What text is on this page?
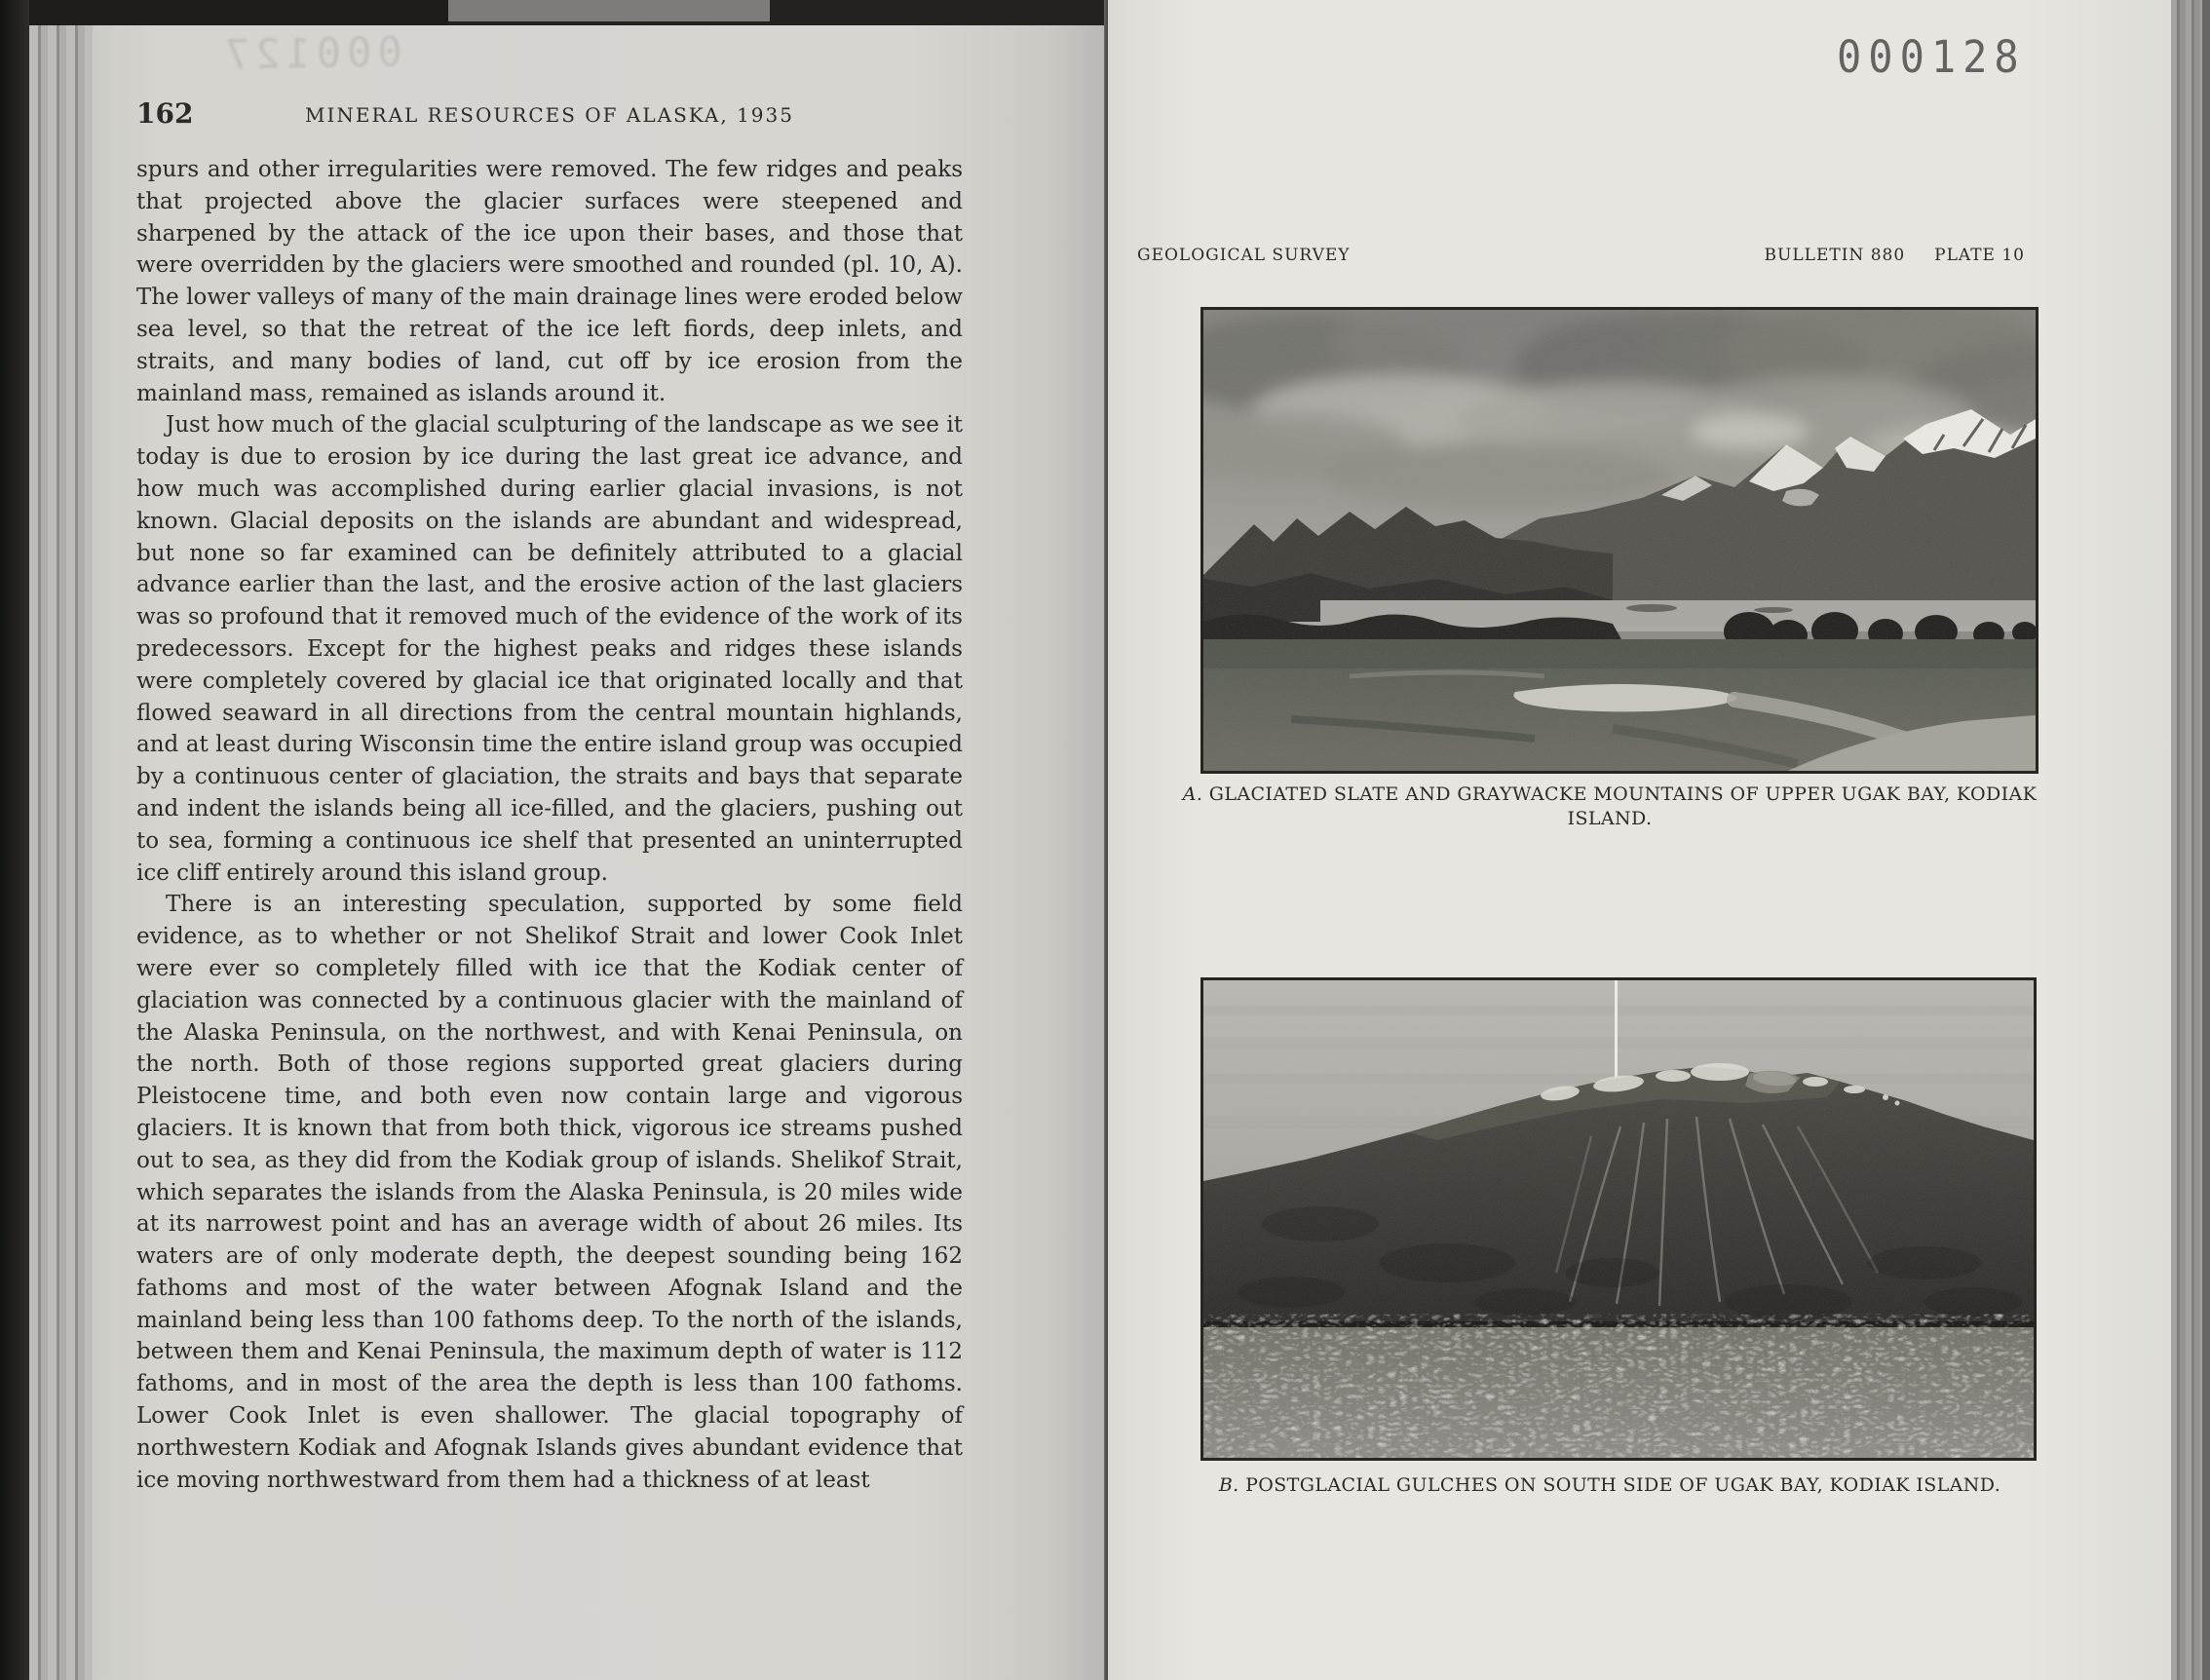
000127
162	MINERAL RESOURCES OF ALASKA, 1935

spurs and other irregularities were removed. The few ridges and peaks that projected above the glacier surfaces were steepened and sharpened by the attack of the ice upon their bases, and those that were overridden by the glaciers were smoothed and rounded (pl. 10, A). The lower valleys of many of the main drainage lines were eroded below sea level, so that the retreat of the ice left fiords, deep inlets, and straits, and many bodies of land, cut off by ice erosion from the mainland mass, remained as islands around it.

Just how much of the glacial sculpturing of the landscape as we see it today is due to erosion by ice during the last great ice advance, and how much was accomplished during earlier glacial invasions, is not known. Glacial deposits on the islands are abundant and widespread, but none so far examined can be definitely attributed to a glacial advance earlier than the last, and the erosive action of the last glaciers was so profound that it removed much of the evidence of the work of its predecessors. Except for the highest peaks and ridges these islands were completely covered by glacial ice that originated locally and that flowed seaward in all directions from the central mountain highlands, and at least during Wisconsin time the entire island group was occupied by a continuous center of glaciation, the straits and bays that separate and indent the islands being all ice-filled, and the glaciers, pushing out to sea, forming a continuous ice shelf that presented an uninterrupted ice cliff entirely around this island group.

There is an interesting speculation, supported by some field evidence, as to whether or not Shelikof Strait and lower Cook Inlet were ever so completely filled with ice that the Kodiak center of glaciation was connected by a continuous glacier with the mainland of the Alaska Peninsula, on the northwest, and with Kenai Peninsula, on the north. Both of those regions supported great glaciers during Pleistocene time, and both even now contain large and vigorous glaciers. It is known that from both thick, vigorous ice streams pushed out to sea, as they did from the Kodiak group of islands. Shelikof Strait, which separates the islands from the Alaska Peninsula, is 20 miles wide at its narrowest point and has an average width of about 26 miles. Its waters are of only moderate depth, the deepest sounding being 162 fathoms and most of the water between Afognak Island and the mainland being less than 100 fathoms deep. To the north of the islands, between them and Kenai Peninsula, the maximum depth of water is 112 fathoms, and in most of the area the depth is less than 100 fathoms. Lower Cook Inlet is even shallower. The glacial topography of northwestern Kodiak and Afognak Islands gives abundant evidence that ice moving northwestward from them had a thickness of at least

000128
GEOLOGICAL SURVEY	BULLETIN 880 PLATE 10
A. GLACIATED SLATE AND GRAYWACKE MOUNTAINS OF UPPER UGAK BAY, KODIAK ISLAND.
B. POSTGLACIAL GULCHES ON SOUTH SIDE OF UGAK BAY, KODIAK ISLAND.
